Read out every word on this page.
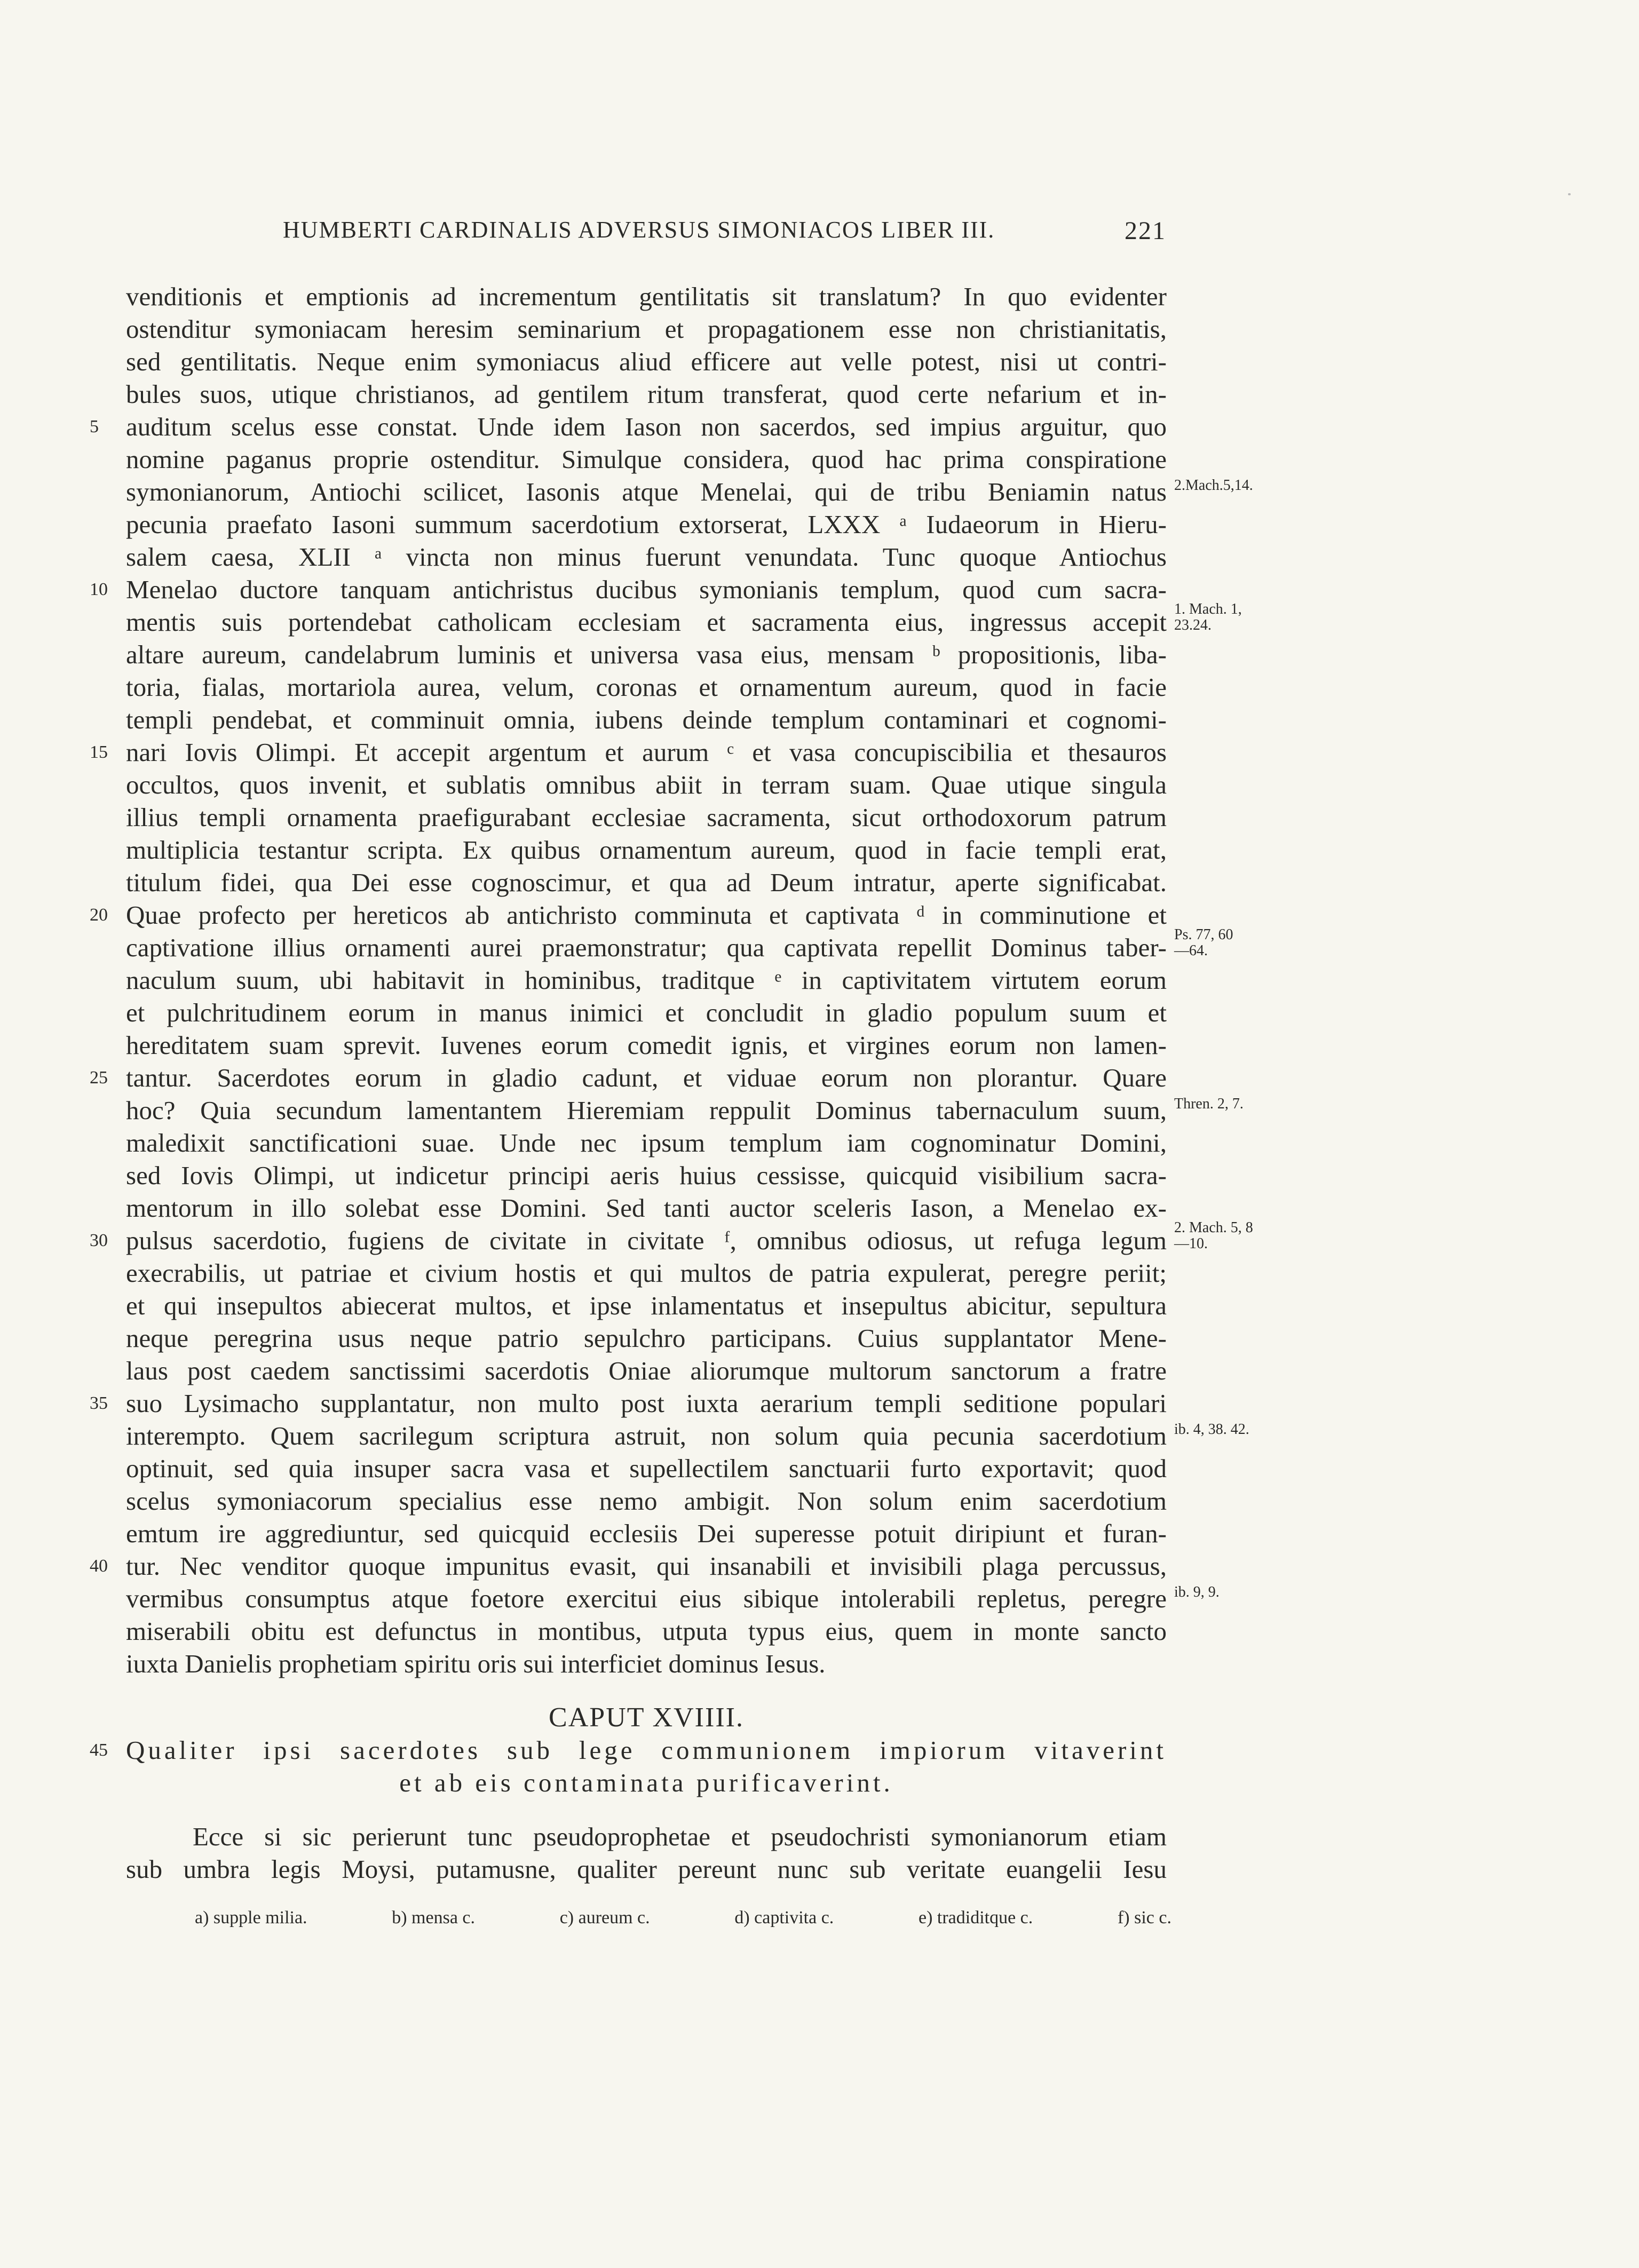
HUMBERTI CARDINALIS ADVERSUS SIMONIACOS LIBER III.	221
venditionis et emptionis ad incrementum gentilitatis sit translatum? In quo evidenter
ostenditur symoniacam heresim seminarium et propagationem esse non christianitatis,
sed gentilitatis. Neque enim symoniacus aliud efficere aut velle potest, nisi ut contri-
bules suos, utique christianos, ad gentilem ritum transferat, quod certe nefarium et in-
5	auditum scelus esse constat. Unde idem Iason non sacerdos, sed impius arguitur, quo
nomine paganus proprie ostenditur. Simulque considera, quod hac prima conspiratione
symonianorum, Antiochi scilicet, Iasonis atque Menelai, qui de tribu Beniamin natus 2.Mach.5,14.
pecunia praefato Iasoni summum sacerdotium extorserat, LXXX ᵃ Iudaeorum in Hieru-
salem caesa, XLII ᵃ vincta non minus fuerunt venundata. Tunc quoque Antiochus
10 Menelao ductore tanquam antichristus ducibus symonianis templum, quod cum sacra-
mentis suis portendebat catholicam ecclesiam et sacramenta eius, ingressus accepit 1. Mach. 1,
23.24.
altare aureum, candelabrum luminis et universa vasa eius, mensam ᵇ propositionis, liba-
toria, fialas, mortariola aurea, velum, coronas et ornamentum aureum, quod in facie
templi pendebat, et comminuit omnia, iubens deinde templum contaminari et cognomi-
15 nari Iovis Olimpi. Et accepit argentum et aurum ᶜ et vasa concupiscibilia et thesauros
occultos, quos invenit, et sublatis omnibus abiit in terram suam. Quae utique singula
illius templi ornamenta praefigurabant ecclesiae sacramenta, sicut orthodoxorum patrum
multiplicia testantur scripta. Ex quibus ornamentum aureum, quod in facie templi erat,
titulum fidei, qua Dei esse cognoscimur, et qua ad Deum intratur, aperte significabat.
20 Quae profecto per hereticos ab antichristo comminuta et captivata ᵈ in comminutione et
captivatione illius ornamenti aurei praemonstratur; qua captivata repellit Dominus taber- Ps. 77, 60
—64.
naculum suum, ubi habitavit in hominibus, traditque ᵉ in captivitatem virtutem eorum
et pulchritudinem eorum in manus inimici et concludit in gladio populum suum et
hereditatem suam sprevit. Iuvenes eorum comedit ignis, et virgines eorum non lamen-
25 tantur. Sacerdotes eorum in gladio cadunt, et viduae eorum non plorantur. Quare
hoc? Quia secundum lamentantem Hieremiam reppulit Dominus tabernaculum suum, Thren. 2, 7.
maledixit sanctificationi suae. Unde nec ipsum templum iam cognominatur Domini,
sed Iovis Olimpi, ut indicetur principi aeris huius cessisse, quicquid visibilium sacra-
mentorum in illo solebat esse Domini. Sed tanti auctor sceleris Iason, a Menelao ex-
30 pulsus sacerdotio, fugiens de civitate in civitate ᶠ, omnibus odiosus, ut refuga legum 2. Mach. 5, 8
—10.
execrabilis, ut patriae et civium hostis et qui multos de patria expulerat, peregre periit;
et qui insepultos abiecerat multos, et ipse inlamentatus et insepultus abicitur, sepultura
neque peregrina usus neque patrio sepulchro participans. Cuius supplantator Mene-
laus post caedem sanctissimi sacerdotis Oniae aliorumque multorum sanctorum a fratre
35 suo Lysimacho supplantatur, non multo post iuxta aerarium templi seditione populari
interempto. Quem sacrilegum scriptura astruit, non solum quia pecunia sacerdotium ib. 4, 38. 42.
optinuit, sed quia insuper sacra vasa et supellectilem sanctuarii furto exportavit; quod
scelus symoniacorum specialius esse nemo ambigit. Non solum enim sacerdotium
emtum ire aggrediuntur, sed quicquid ecclesiis Dei superesse potuit diripiunt et furan-
40 tur. Nec venditor quoque impunitus evasit, qui insanabili et invisibili plaga percussus,
vermibus consumptus atque foetore exercitui eius sibique intolerabili repletus, peregre ib. 9, 9.
miserabili obitu est defunctus in montibus, utputa typus eius, quem in monte sancto
iuxta Danielis prophetiam spiritu oris sui interficiet dominus Iesus.
CAPUT XVIIII.
45 Qualiter ipsi sacerdotes sub lege communionem impiorum vitaverint
et ab eis contaminata purificaverint.
Ecce si sic perierunt tunc pseudoprophetae et pseudochristi symonianorum etiam
sub umbra legis Moysi, putamusne, qualiter pereunt nunc sub veritate euangelii Iesu
a) supple milia.	b) mensa c.	c) aureum c.	d) captivita c.	e) tradiditque c.	f) sic c.
